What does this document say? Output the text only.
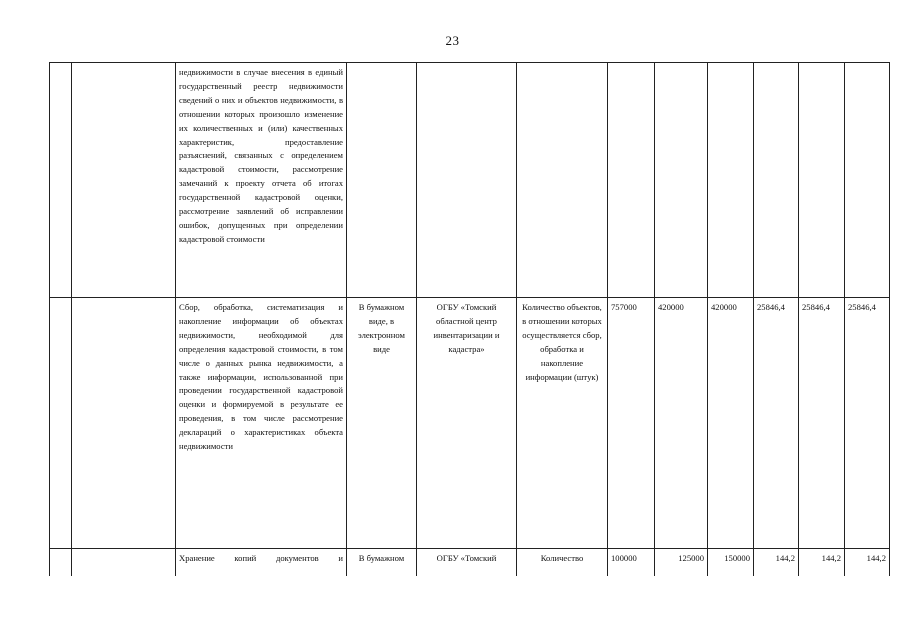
23
		недвижимости в случае внесения в единый государственный реестр недвижимости сведений о них и объектов недвижимости, в отношении которых произошло изменение их количественных и (или) качественных характеристик, предоставление разъяснений, связанных с определением кадастровой стоимости, рассмотрение замечаний к проекту отчета об итогах государственной кадастровой оценки, рассмотрение заявлений об исправлении ошибок, допущенных при определении кадастровой стоимости									
		Сбор, обработка, систематизация и накопление информации об объектах недвижимости, необходимой для определения кадастровой стоимости, в том числе о данных рынка недвижимости, а также информации, использованной при проведении государственной кадастровой оценки и формируемой в результате ее проведения, в том числе рассмотрение деклараций о характеристиках объекта недвижимости	В бумажном виде, в электронном виде	ОГБУ «Томский областной центр инвентаризации и кадастра»	Количество объектов, в отношении которых осуществляется сбор, обработка и накопление информации (штук)	757000	420000	420000	25846,4	25846,4	25846,4
		Хранение копий документов и	В бумажном	ОГБУ «Томский	Количество	100000	125000	150000	144,2	144,2	144,2
